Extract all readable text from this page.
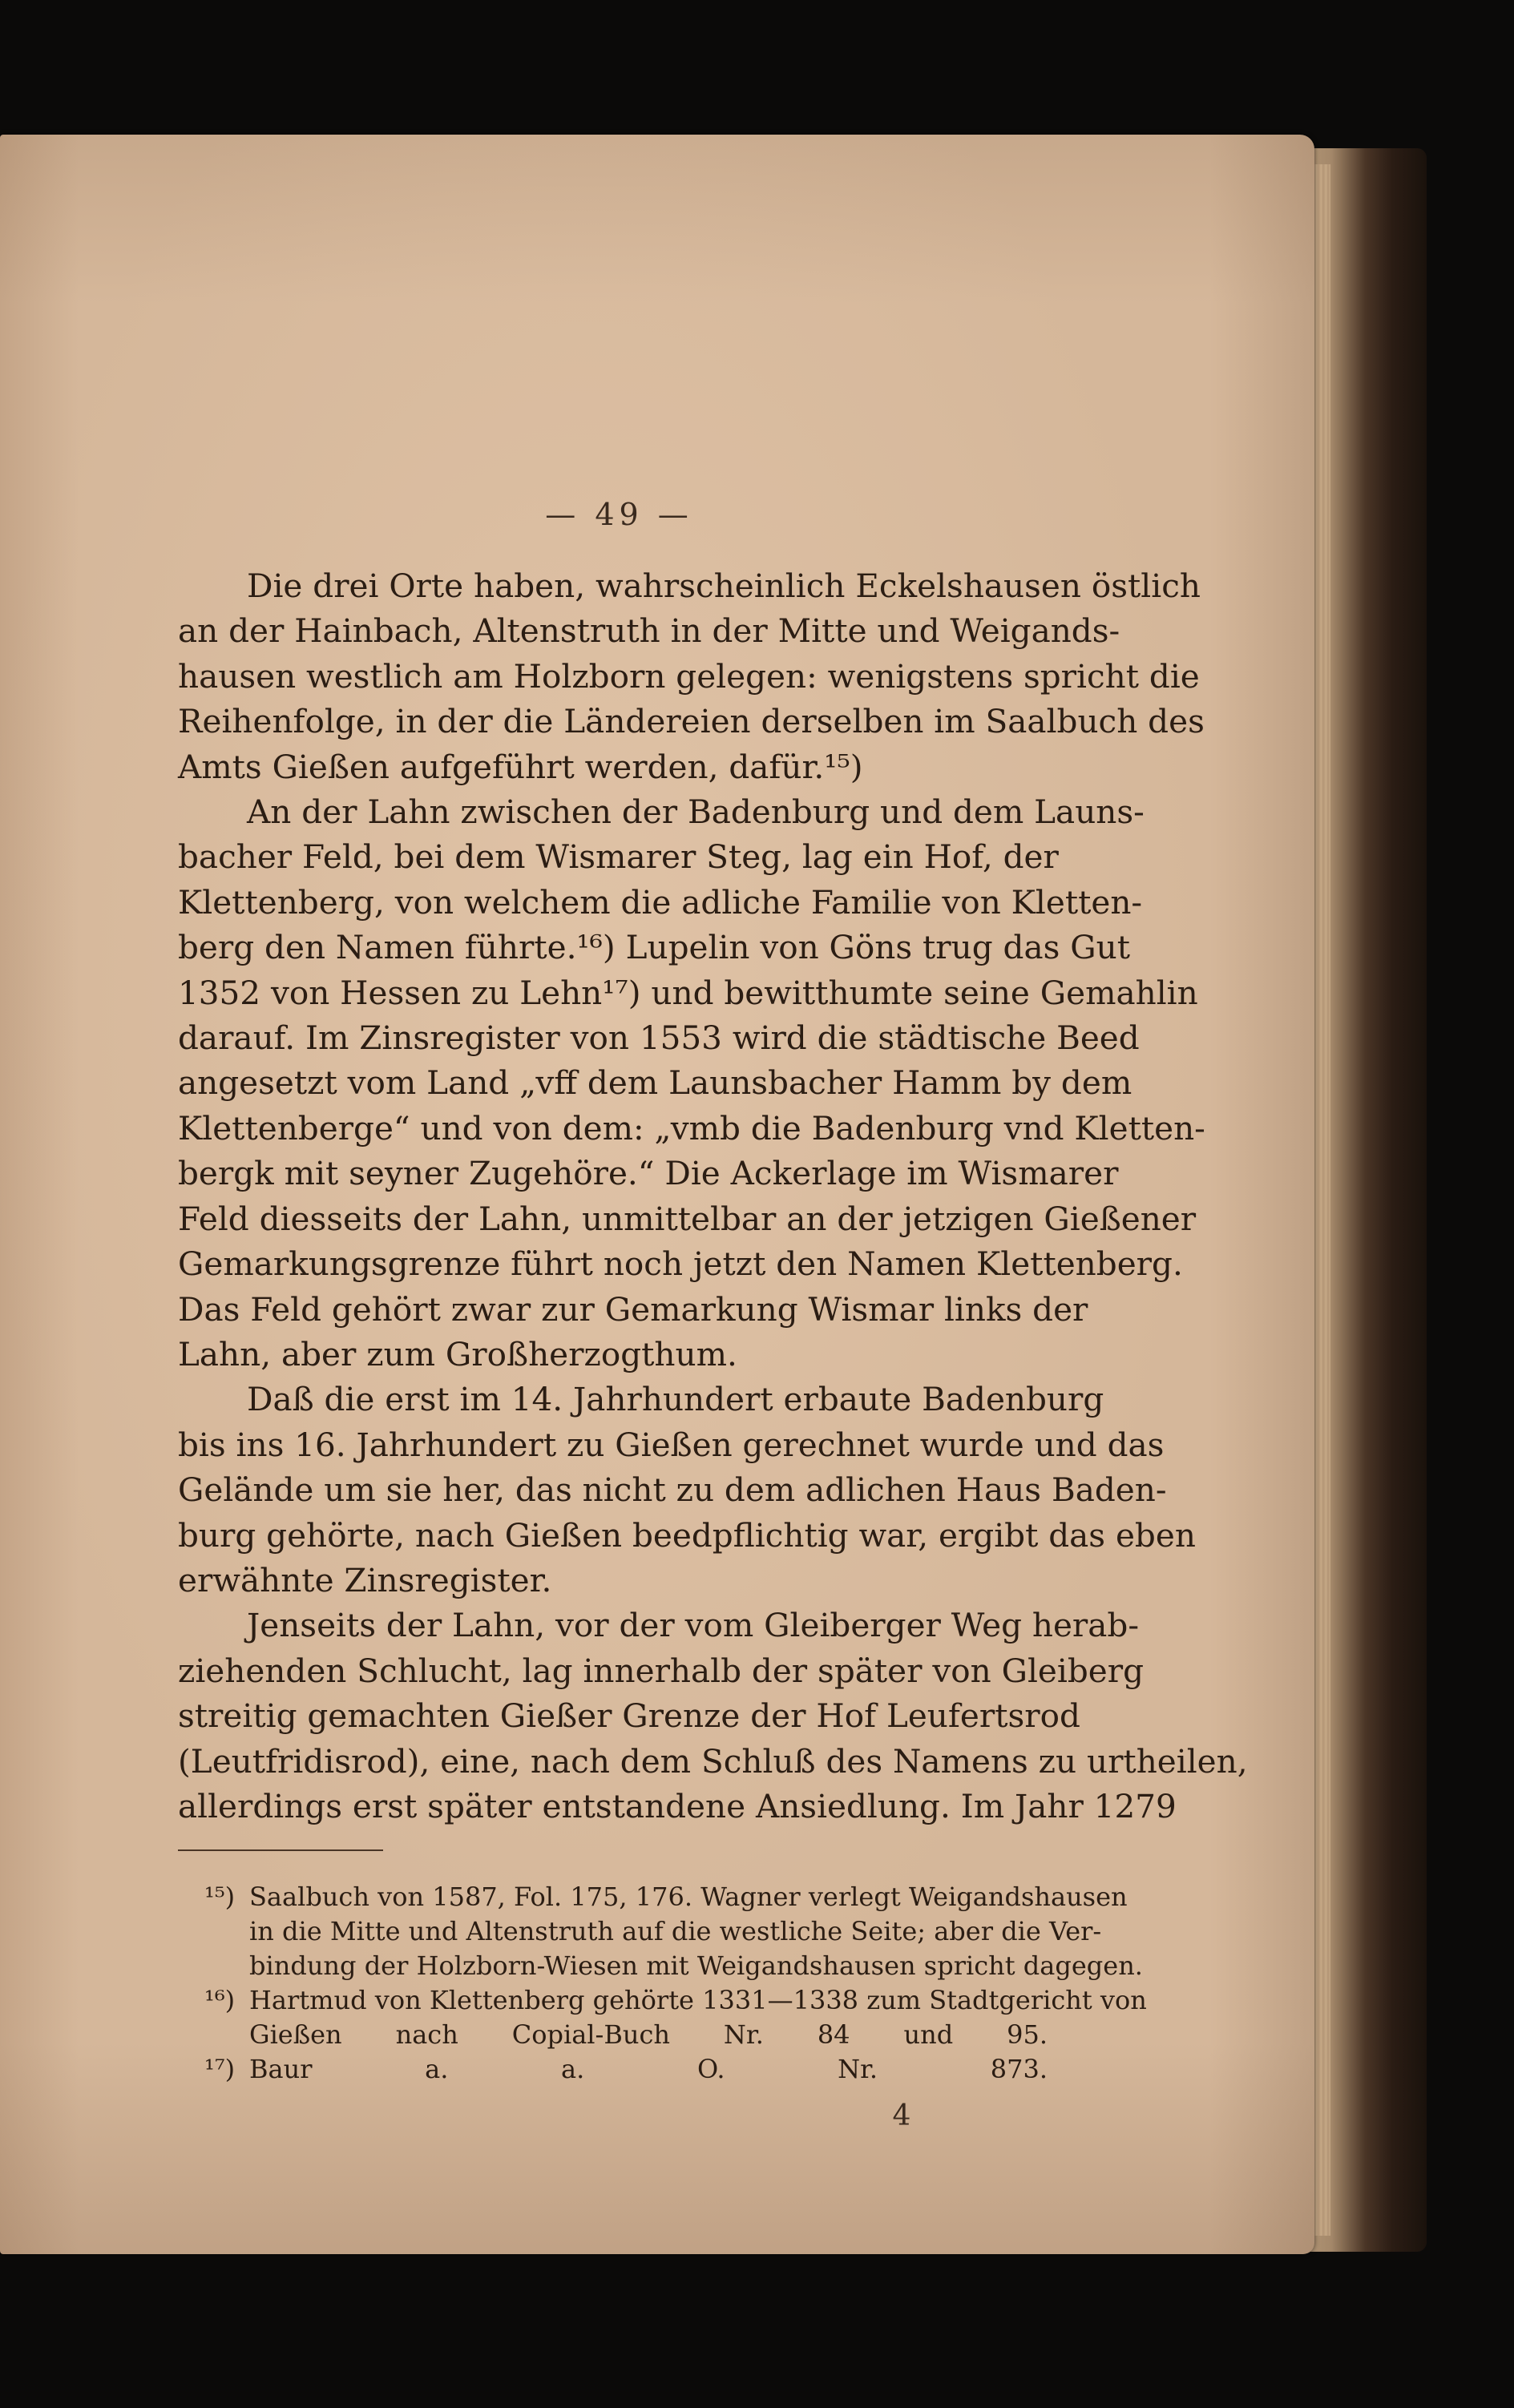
— 49 —
Die drei Orte haben, wahrscheinlich Eckelshausen östlich
an der Hainbach, Altenstruth in der Mitte und Weigands-
hausen westlich am Holzborn gelegen: wenigstens spricht die
Reihenfolge, in der die Ländereien derselben im Saalbuch des
Amts Gießen aufgeführt werden, dafür.¹⁵)
An der Lahn zwischen der Badenburg und dem Launs-
bacher Feld, bei dem Wismarer Steg, lag ein Hof, der
Klettenberg, von welchem die adliche Familie von Kletten-
berg den Namen führte.¹⁶) Lupelin von Göns trug das Gut
1352 von Hessen zu Lehn¹⁷) und bewitthumte seine Gemahlin
darauf. Im Zinsregister von 1553 wird die städtische Beed
angesetzt vom Land „vff dem Launsbacher Hamm by dem
Klettenberge“ und von dem: „vmb die Badenburg vnd Kletten-
bergk mit seyner Zugehöre.“ Die Ackerlage im Wismarer
Feld diesseits der Lahn, unmittelbar an der jetzigen Gießener
Gemarkungsgrenze führt noch jetzt den Namen Klettenberg.
Das Feld gehört zwar zur Gemarkung Wismar links der
Lahn, aber zum Großherzogthum.
Daß die erst im 14. Jahrhundert erbaute Badenburg
bis ins 16. Jahrhundert zu Gießen gerechnet wurde und das
Gelände um sie her, das nicht zu dem adlichen Haus Baden-
burg gehörte, nach Gießen beedpflichtig war, ergibt das eben
erwähnte Zinsregister.
Jenseits der Lahn, vor der vom Gleiberger Weg herab-
ziehenden Schlucht, lag innerhalb der später von Gleiberg
streitig gemachten Gießer Grenze der Hof Leufertsrod
(Leutfridisrod), eine, nach dem Schluß des Namens zu urtheilen,
allerdings erst später entstandene Ansiedlung. Im Jahr 1279
¹⁵) Saalbuch von 1587, Fol. 175, 176. Wagner verlegt Weigandshausen
in die Mitte und Altenstruth auf die westliche Seite; aber die Ver-
bindung der Holzborn-Wiesen mit Weigandshausen spricht dagegen.
¹⁶) Hartmud von Klettenberg gehörte 1331—1338 zum Stadtgericht von
Gießen nach Copial-Buch Nr. 84 und 95.
¹⁷) Baur a. a. O. Nr. 873.
4
